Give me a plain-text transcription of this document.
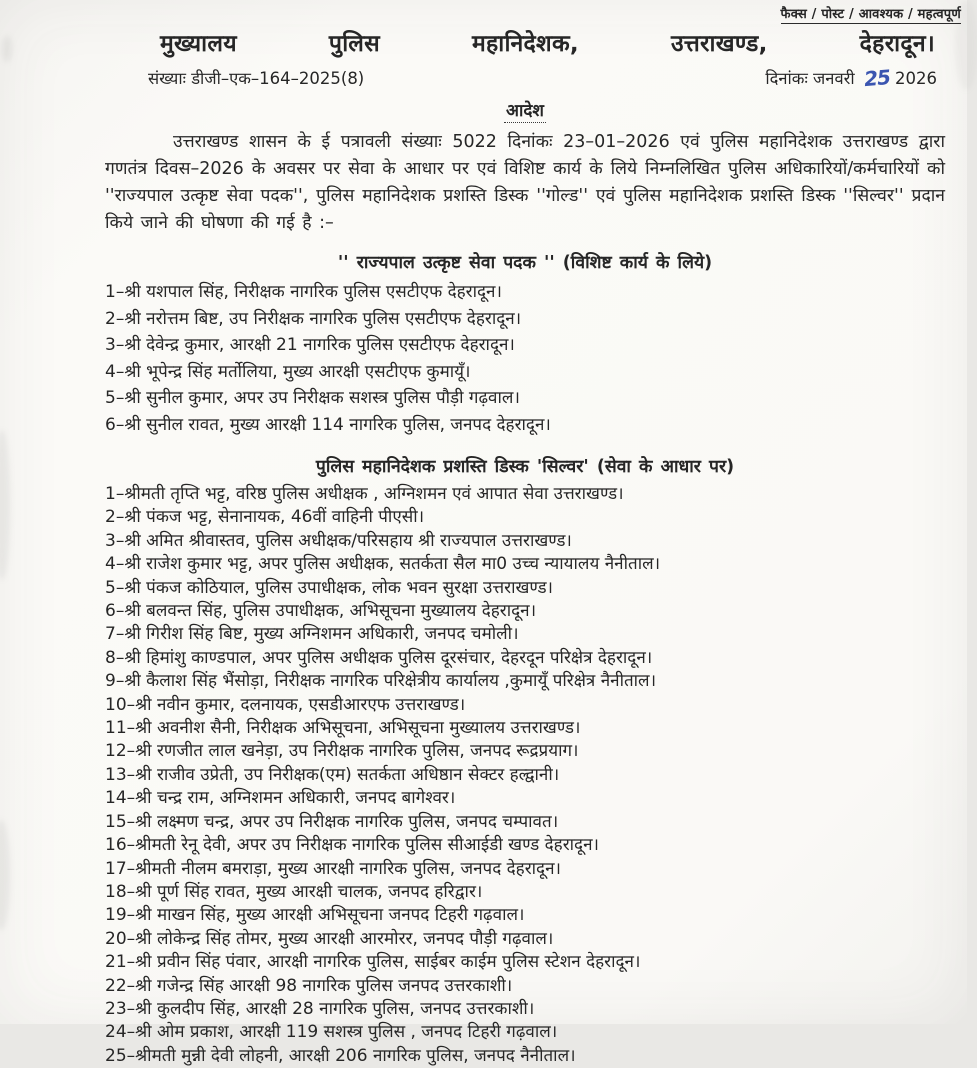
फैक्स / पोस्ट / आवश्यक / महत्वपूर्ण
मुख्यालय	पुलिस	महानिदेशक,	उत्तराखण्ड,	देहरादून।
संख्याः डीजी–एक–164–2025(8)	दिनांकः जनवरी 25 2026
आदेश
उत्तराखण्ड शासन के ई पत्रावली संख्याः 5022 दिनांकः 23–01–2026 एवं पुलिस महानिदेशक उत्तराखण्ड द्वारा गणतंत्र दिवस–2026 के अवसर पर सेवा के आधार पर एवं विशिष्ट कार्य के लिये निम्नलिखित पुलिस अधिकारियों/कर्मचारियों को ''राज्यपाल उत्कृष्ट सेवा पदक'', पुलिस महानिदेशक प्रशस्ति डिस्क ''गोल्ड'' एवं पुलिस महानिदेशक प्रशस्ति डिस्क ''सिल्वर'' प्रदान किये जाने की घोषणा की गई है :–
'' राज्यपाल उत्कृष्ट सेवा पदक '' (विशिष्ट कार्य के लिये)
1–श्री यशपाल सिंह, निरीक्षक नागरिक पुलिस एसटीएफ देहरादून।
2–श्री नरोत्तम बिष्ट, उप निरीक्षक नागरिक पुलिस एसटीएफ देहरादून।
3–श्री देवेन्द्र कुमार, आरक्षी 21 नागरिक पुलिस एसटीएफ देहरादून।
4–श्री भूपेन्द्र सिंह मर्तोलिया, मुख्य आरक्षी एसटीएफ कुमायूँ।
5–श्री सुनील कुमार, अपर उप निरीक्षक सशस्त्र पुलिस पौड़ी गढ़वाल।
6–श्री सुनील रावत, मुख्य आरक्षी 114 नागरिक पुलिस, जनपद देहरादून।
पुलिस महानिदेशक प्रशस्ति डिस्क 'सिल्वर' (सेवा के आधार पर)
1–श्रीमती तृप्ति भट्ट, वरिष्ठ पुलिस अधीक्षक , अग्निशमन एवं आपात सेवा उत्तराखण्ड।
2–श्री पंकज भट्ट, सेनानायक, 46वीं वाहिनी पीएसी।
3–श्री अमित श्रीवास्तव, पुलिस अधीक्षक/परिसहाय श्री राज्यपाल उत्तराखण्ड।
4–श्री राजेश कुमार भट्ट, अपर पुलिस अधीक्षक, सतर्कता सैल मा0 उच्च न्यायालय नैनीताल।
5–श्री पंकज कोठियाल, पुलिस उपाधीक्षक, लोक भवन सुरक्षा उत्तराखण्ड।
6–श्री बलवन्त सिंह, पुलिस उपाधीक्षक, अभिसूचना मुख्यालय देहरादून।
7–श्री गिरीश सिंह बिष्ट, मुख्य अग्निशमन अधिकारी, जनपद चमोली।
8–श्री हिमांशु काण्डपाल, अपर पुलिस अधीक्षक पुलिस दूरसंचार, देहरदून परिक्षेत्र देहरादून।
9–श्री कैलाश सिंह भैंसोड़ा, निरीक्षक नागरिक परिक्षेत्रीय कार्यालय ,कुमायूँ परिक्षेत्र नैनीताल।
10–श्री नवीन कुमार, दलनायक, एसडीआरएफ उत्तराखण्ड।
11–श्री अवनीश सैनी, निरीक्षक अभिसूचना, अभिसूचना मुख्यालय उत्तराखण्ड।
12–श्री रणजीत लाल खनेड़ा, उप निरीक्षक नागरिक पुलिस, जनपद रूद्रप्रयाग।
13–श्री राजीव उप्रेती, उप निरीक्षक(एम) सतर्कता अधिष्ठान सेक्टर हल्द्वानी।
14–श्री चन्द्र राम, अग्निशमन अधिकारी, जनपद बागेश्वर।
15–श्री लक्ष्मण चन्द्र, अपर उप निरीक्षक नागरिक पुलिस, जनपद चम्पावत।
16–श्रीमती रेनू देवी, अपर उप निरीक्षक नागरिक पुलिस सीआईडी खण्ड देहरादून।
17–श्रीमती नीलम बमराड़ा, मुख्य आरक्षी नागरिक पुलिस, जनपद देहरादून।
18–श्री पूर्ण सिंह रावत, मुख्य आरक्षी चालक, जनपद हरिद्वार।
19–श्री माखन सिंह, मुख्य आरक्षी अभिसूचना जनपद टिहरी गढ़वाल।
20–श्री लोकेन्द्र सिंह तोमर, मुख्य आरक्षी आरमोरर, जनपद पौड़ी गढ़वाल।
21–श्री प्रवीन सिंह पंवार, आरक्षी नागरिक पुलिस, साईबर काईम पुलिस स्टेशन देहरादून।
22–श्री गजेन्द्र सिंह आरक्षी 98 नागरिक पुलिस जनपद उत्तरकाशी।
23–श्री कुलदीप सिंह, आरक्षी 28 नागरिक पुलिस, जनपद उत्तरकाशी।
24–श्री ओम प्रकाश, आरक्षी 119 सशस्त्र पुलिस , जनपद टिहरी गढ़वाल।
25–श्रीमती मुन्नी देवी लोहनी, आरक्षी 206 नागरिक पुलिस, जनपद नैनीताल।
